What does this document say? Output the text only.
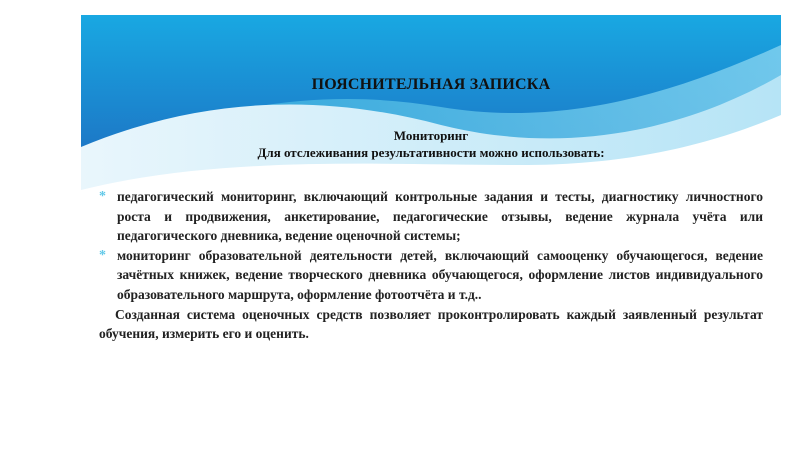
ПОЯСНИТЕЛЬНАЯ ЗАПИСКА
Мониторинг
Для отслеживания результативности можно использовать:
* педагогический мониторинг, включающий контрольные задания и тесты, диагностику личностного роста и продвижения, анкетирование, педагогические отзывы, ведение журнала учёта или педагогического дневника, ведение оценочной системы;
* мониторинг образовательной деятельности детей, включающий самооценку обучающегося, ведение зачётных книжек, ведение творческого дневника обучающегося, оформление листов индивидуального образовательного маршрута, оформление фотоотчёта и т.д..
Созданная система оценочных средств позволяет проконтролировать каждый заявленный результат обучения, измерить его и оценить.
